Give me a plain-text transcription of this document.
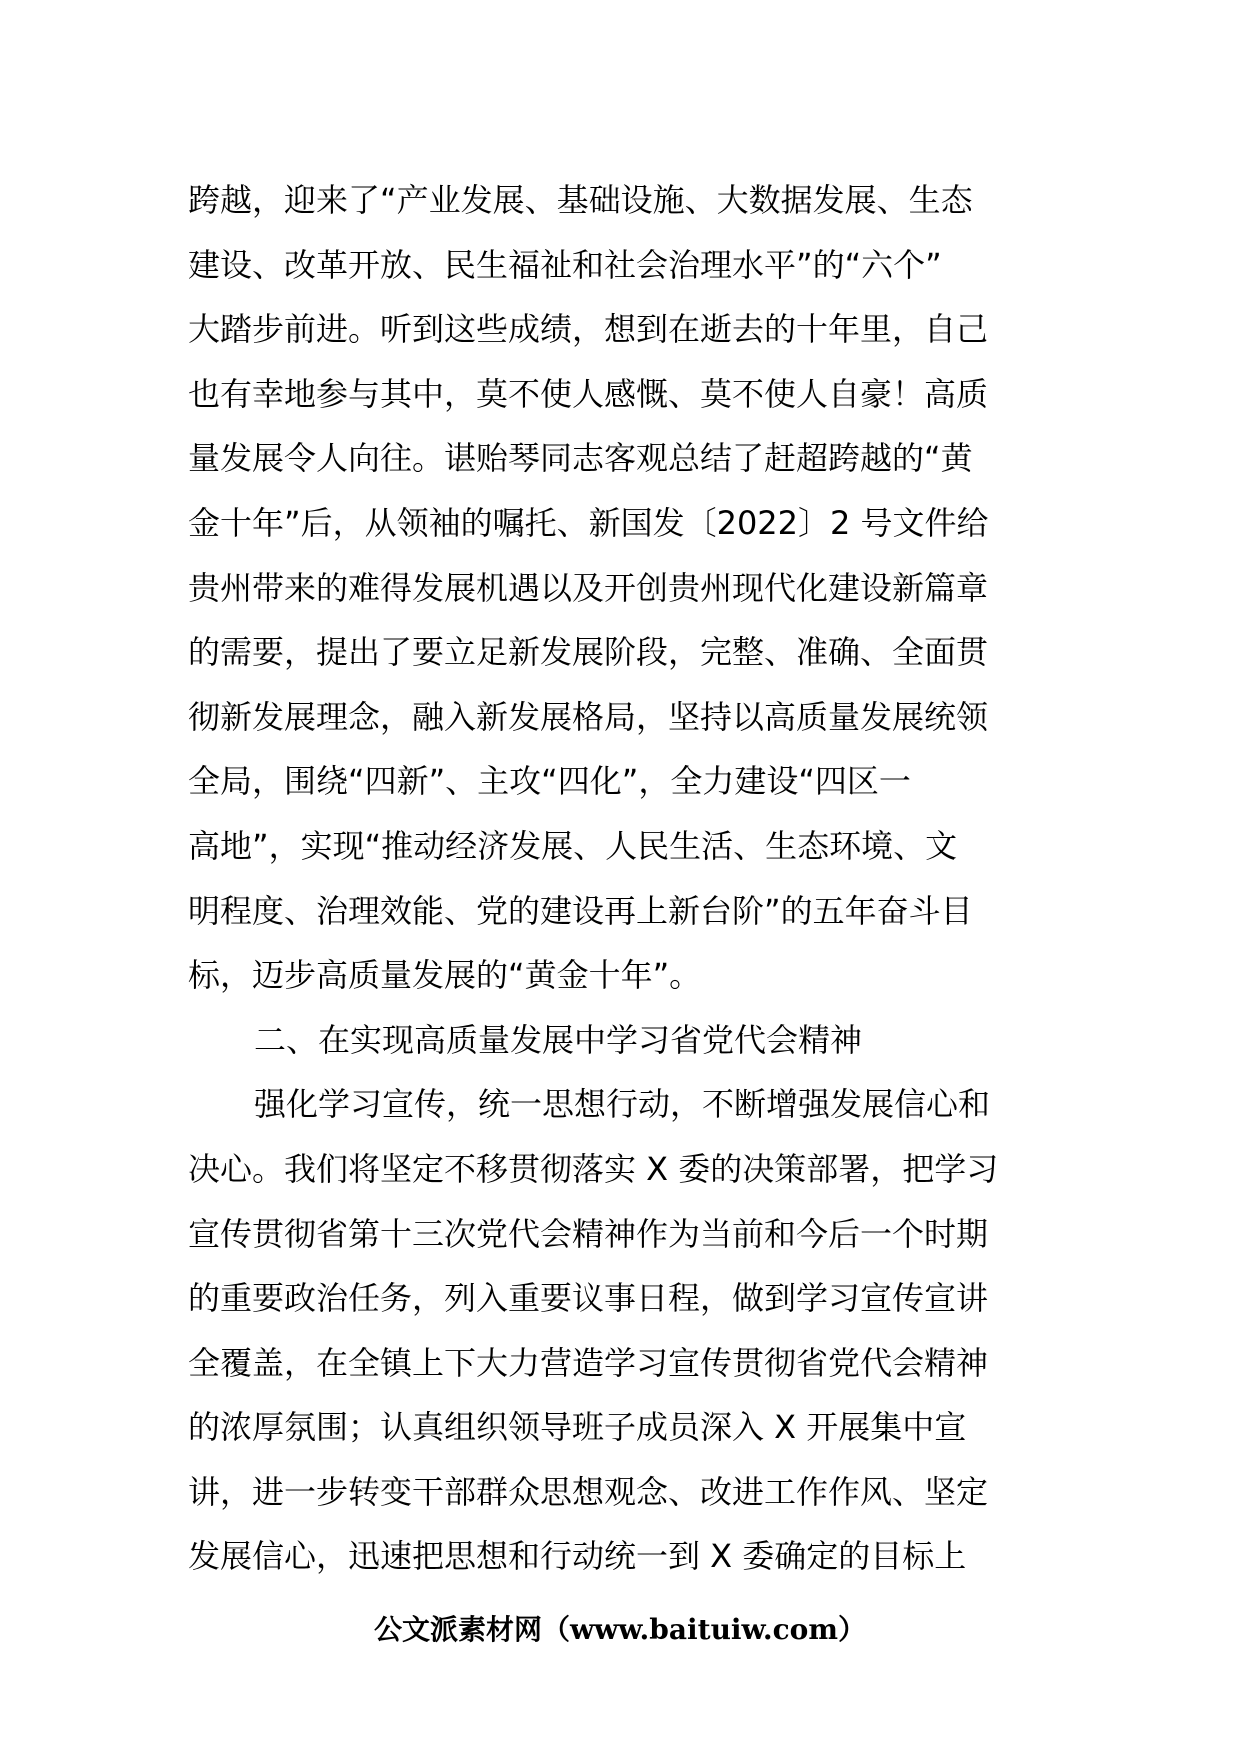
跨越，迎来了“产业发展、基础设施、大数据发展、生态
建设、改革开放、民生福祉和社会治理水平”的“六个”
大踏步前进。听到这些成绩，想到在逝去的十年里，自己
也有幸地参与其中，莫不使人感慨、莫不使人自豪！高质
量发展令人向往。谌贻琴同志客观总结了赶超跨越的“黄
金十年”后，从领袖的嘱托、新国发〔2022〕2 号文件给
贵州带来的难得发展机遇以及开创贵州现代化建设新篇章
的需要，提出了要立足新发展阶段，完整、准确、全面贯
彻新发展理念，融入新发展格局，坚持以高质量发展统领
全局，围绕“四新”、主攻“四化”，全力建设“四区一
高地”，实现“推动经济发展、人民生活、生态环境、文
明程度、治理效能、党的建设再上新台阶”的五年奋斗目
标，迈步高质量发展的“黄金十年”。
二、在实现高质量发展中学习省党代会精神
强化学习宣传，统一思想行动，不断增强发展信心和
决心。我们将坚定不移贯彻落实 X 委的决策部署，把学习
宣传贯彻省第十三次党代会精神作为当前和今后一个时期
的重要政治任务，列入重要议事日程，做到学习宣传宣讲
全覆盖，在全镇上下大力营造学习宣传贯彻省党代会精神
的浓厚氛围；认真组织领导班子成员深入 X 开展集中宣
讲，进一步转变干部群众思想观念、改进工作作风、坚定
发展信心，迅速把思想和行动统一到 X 委确定的目标上
公文派素材网（www.baituiw.com）
